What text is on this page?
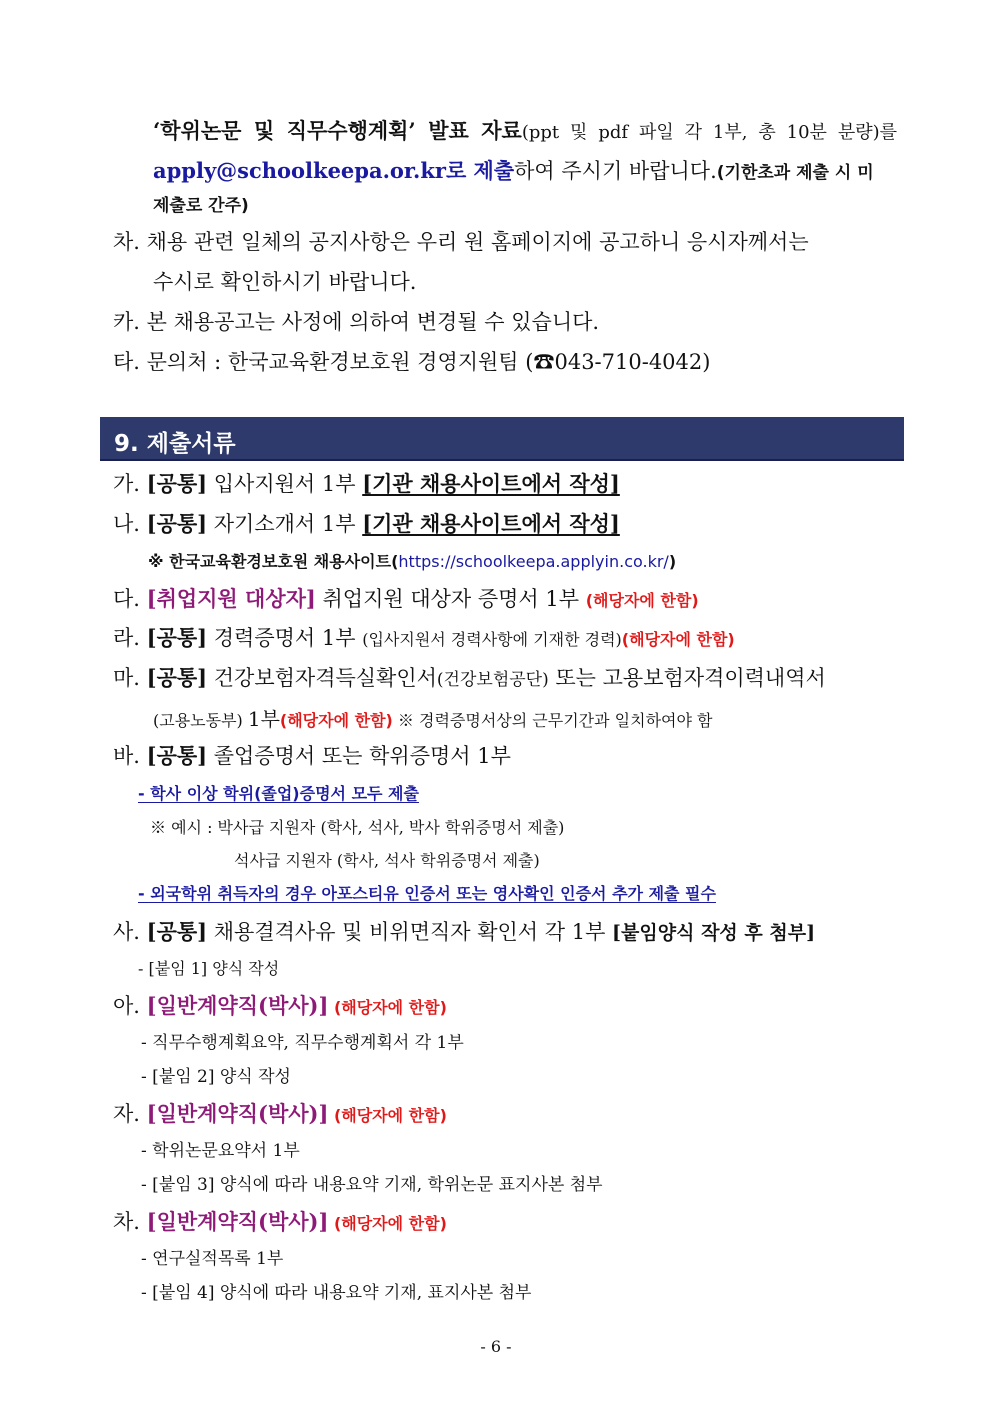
‘학위논문 및 직무수행계획’ 발표 자료(ppt 및 pdf 파일 각 1부, 총 10분 분량)를
apply@schoolkeepa.or.kr로 제출하여 주시기 바랍니다.(기한초과 제출 시 미
제출로 간주)
차. 채용 관련 일체의 공지사항은 우리 원 홈페이지에 공고하니 응시자께서는
수시로 확인하시기 바랍니다.
카. 본 채용공고는 사정에 의하여 변경될 수 있습니다.
타. 문의처 : 한국교육환경보호원 경영지원팀 (☎043-710-4042)
9. 제출서류
가. [공통] 입사지원서 1부 [기관 채용사이트에서 작성]
나. [공통] 자기소개서 1부 [기관 채용사이트에서 작성]
※ 한국교육환경보호원 채용사이트(https://schoolkeepa.applyin.co.kr/)
다. [취업지원 대상자] 취업지원 대상자 증명서 1부 (해당자에 한함)
라. [공통] 경력증명서 1부 (입사지원서 경력사항에 기재한 경력)(해당자에 한함)
마. [공통] 건강보험자격득실확인서(건강보험공단) 또는 고용보험자격이력내역서
(고용노동부) 1부(해당자에 한함) ※ 경력증명서상의 근무기간과 일치하여야 함
바. [공통] 졸업증명서 또는 학위증명서 1부
- 학사 이상 학위(졸업)증명서 모두 제출
※ 예시 : 박사급 지원자 (학사, 석사, 박사 학위증명서 제출)
석사급 지원자 (학사, 석사 학위증명서 제출)
- 외국학위 취득자의 경우 아포스티유 인증서 또는 영사확인 인증서 추가 제출 필수
사. [공통] 채용결격사유 및 비위면직자 확인서 각 1부 [붙임양식 작성 후 첨부]
- [붙임 1] 양식 작성
아. [일반계약직(박사)] (해당자에 한함)
- 직무수행계획요약, 직무수행계획서 각 1부
- [붙임 2] 양식 작성
자. [일반계약직(박사)] (해당자에 한함)
- 학위논문요약서 1부
- [붙임 3] 양식에 따라 내용요약 기재, 학위논문 표지사본 첨부
차. [일반계약직(박사)] (해당자에 한함)
- 연구실적목록 1부
- [붙임 4] 양식에 따라 내용요약 기재, 표지사본 첨부
- 6 -
